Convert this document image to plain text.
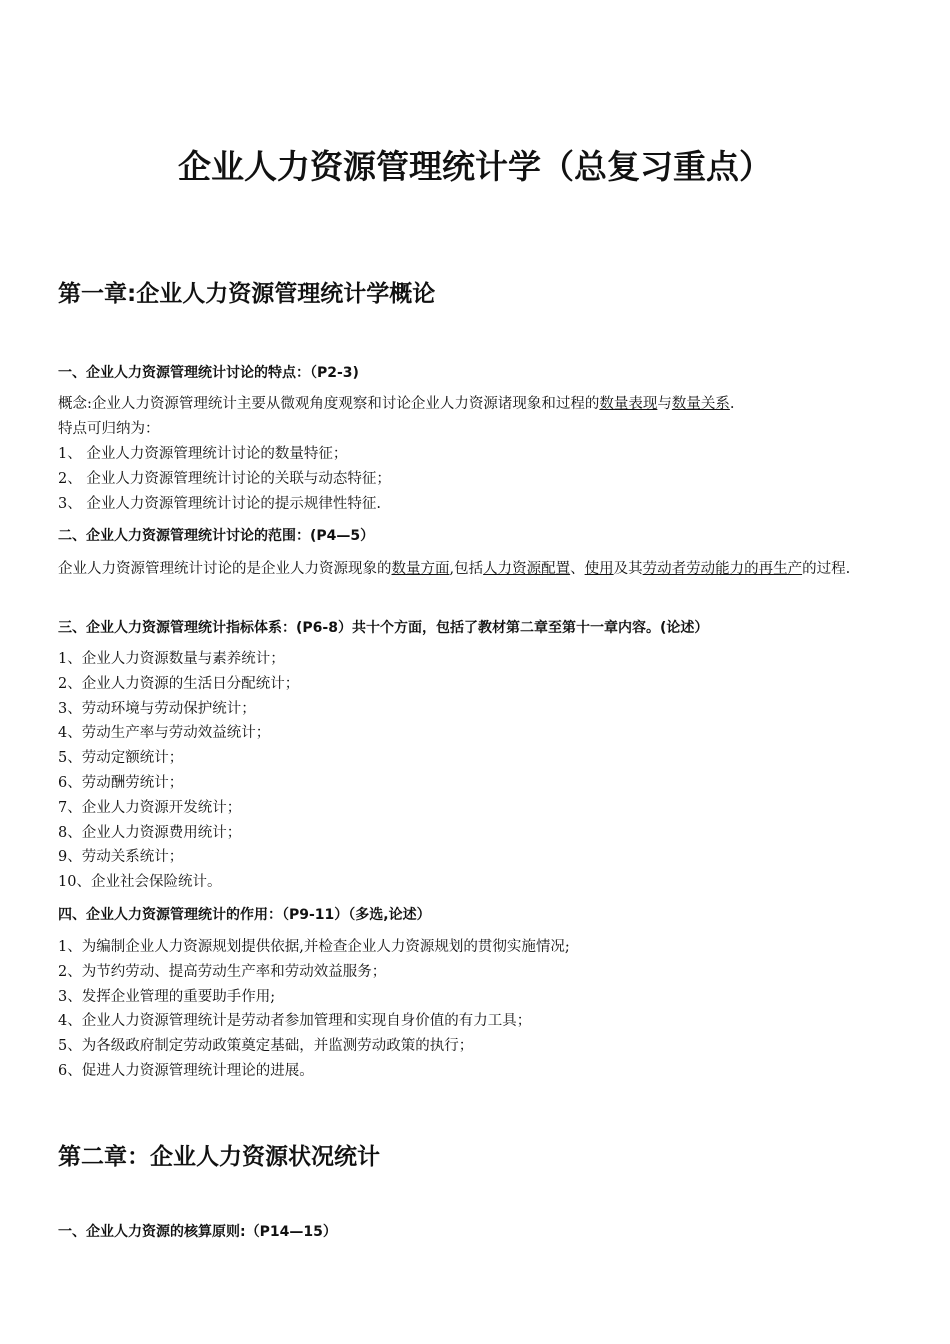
企业人力资源管理统计学（总复习重点）
第一章:企业人力资源管理统计学概论
一、企业人力资源管理统计讨论的特点：（P2-3)

概念:企业人力资源管理统计主要从微观角度观察和讨论企业人力资源诸现象和过程的数量表现与数量关系.

特点可归纳为：

1、 企业人力资源管理统计讨论的数量特征；
2、 企业人力资源管理统计讨论的关联与动态特征；
3、 企业人力资源管理统计讨论的提示规律性特征.
二、企业人力资源管理统计讨论的范围：(P4—5）

企业人力资源管理统计讨论的是企业人力资源现象的数量方面,包括人力资源配置、使用及其劳动者劳动能力的再生产的过程.

三、企业人力资源管理统计指标体系：(P6-8）共十个方面，包括了教材第二章至第十一章内容。(论述）
1、企业人力资源数量与素养统计；
2、企业人力资源的生活日分配统计；
3、劳动环境与劳动保护统计；
4、劳动生产率与劳动效益统计；
5、劳动定额统计；
6、劳动酬劳统计；
7、企业人力资源开发统计；
8、企业人力资源费用统计；
9、劳动关系统计；
10、企业社会保险统计。
四、企业人力资源管理统计的作用：（P9-11）（多选,论述）
1、为编制企业人力资源规划提供依据,并检查企业人力资源规划的贯彻实施情况;
2、为节约劳动、提高劳动生产率和劳动效益服务；
3、发挥企业管理的重要助手作用;
4、企业人力资源管理统计是劳动者参加管理和实现自身价值的有力工具；
5、为各级政府制定劳动政策奠定基础，并监测劳动政策的执行；
6、促进人力资源管理统计理论的进展。
第二章：企业人力资源状况统计
一、企业人力资源的核算原则:（P14—15）
